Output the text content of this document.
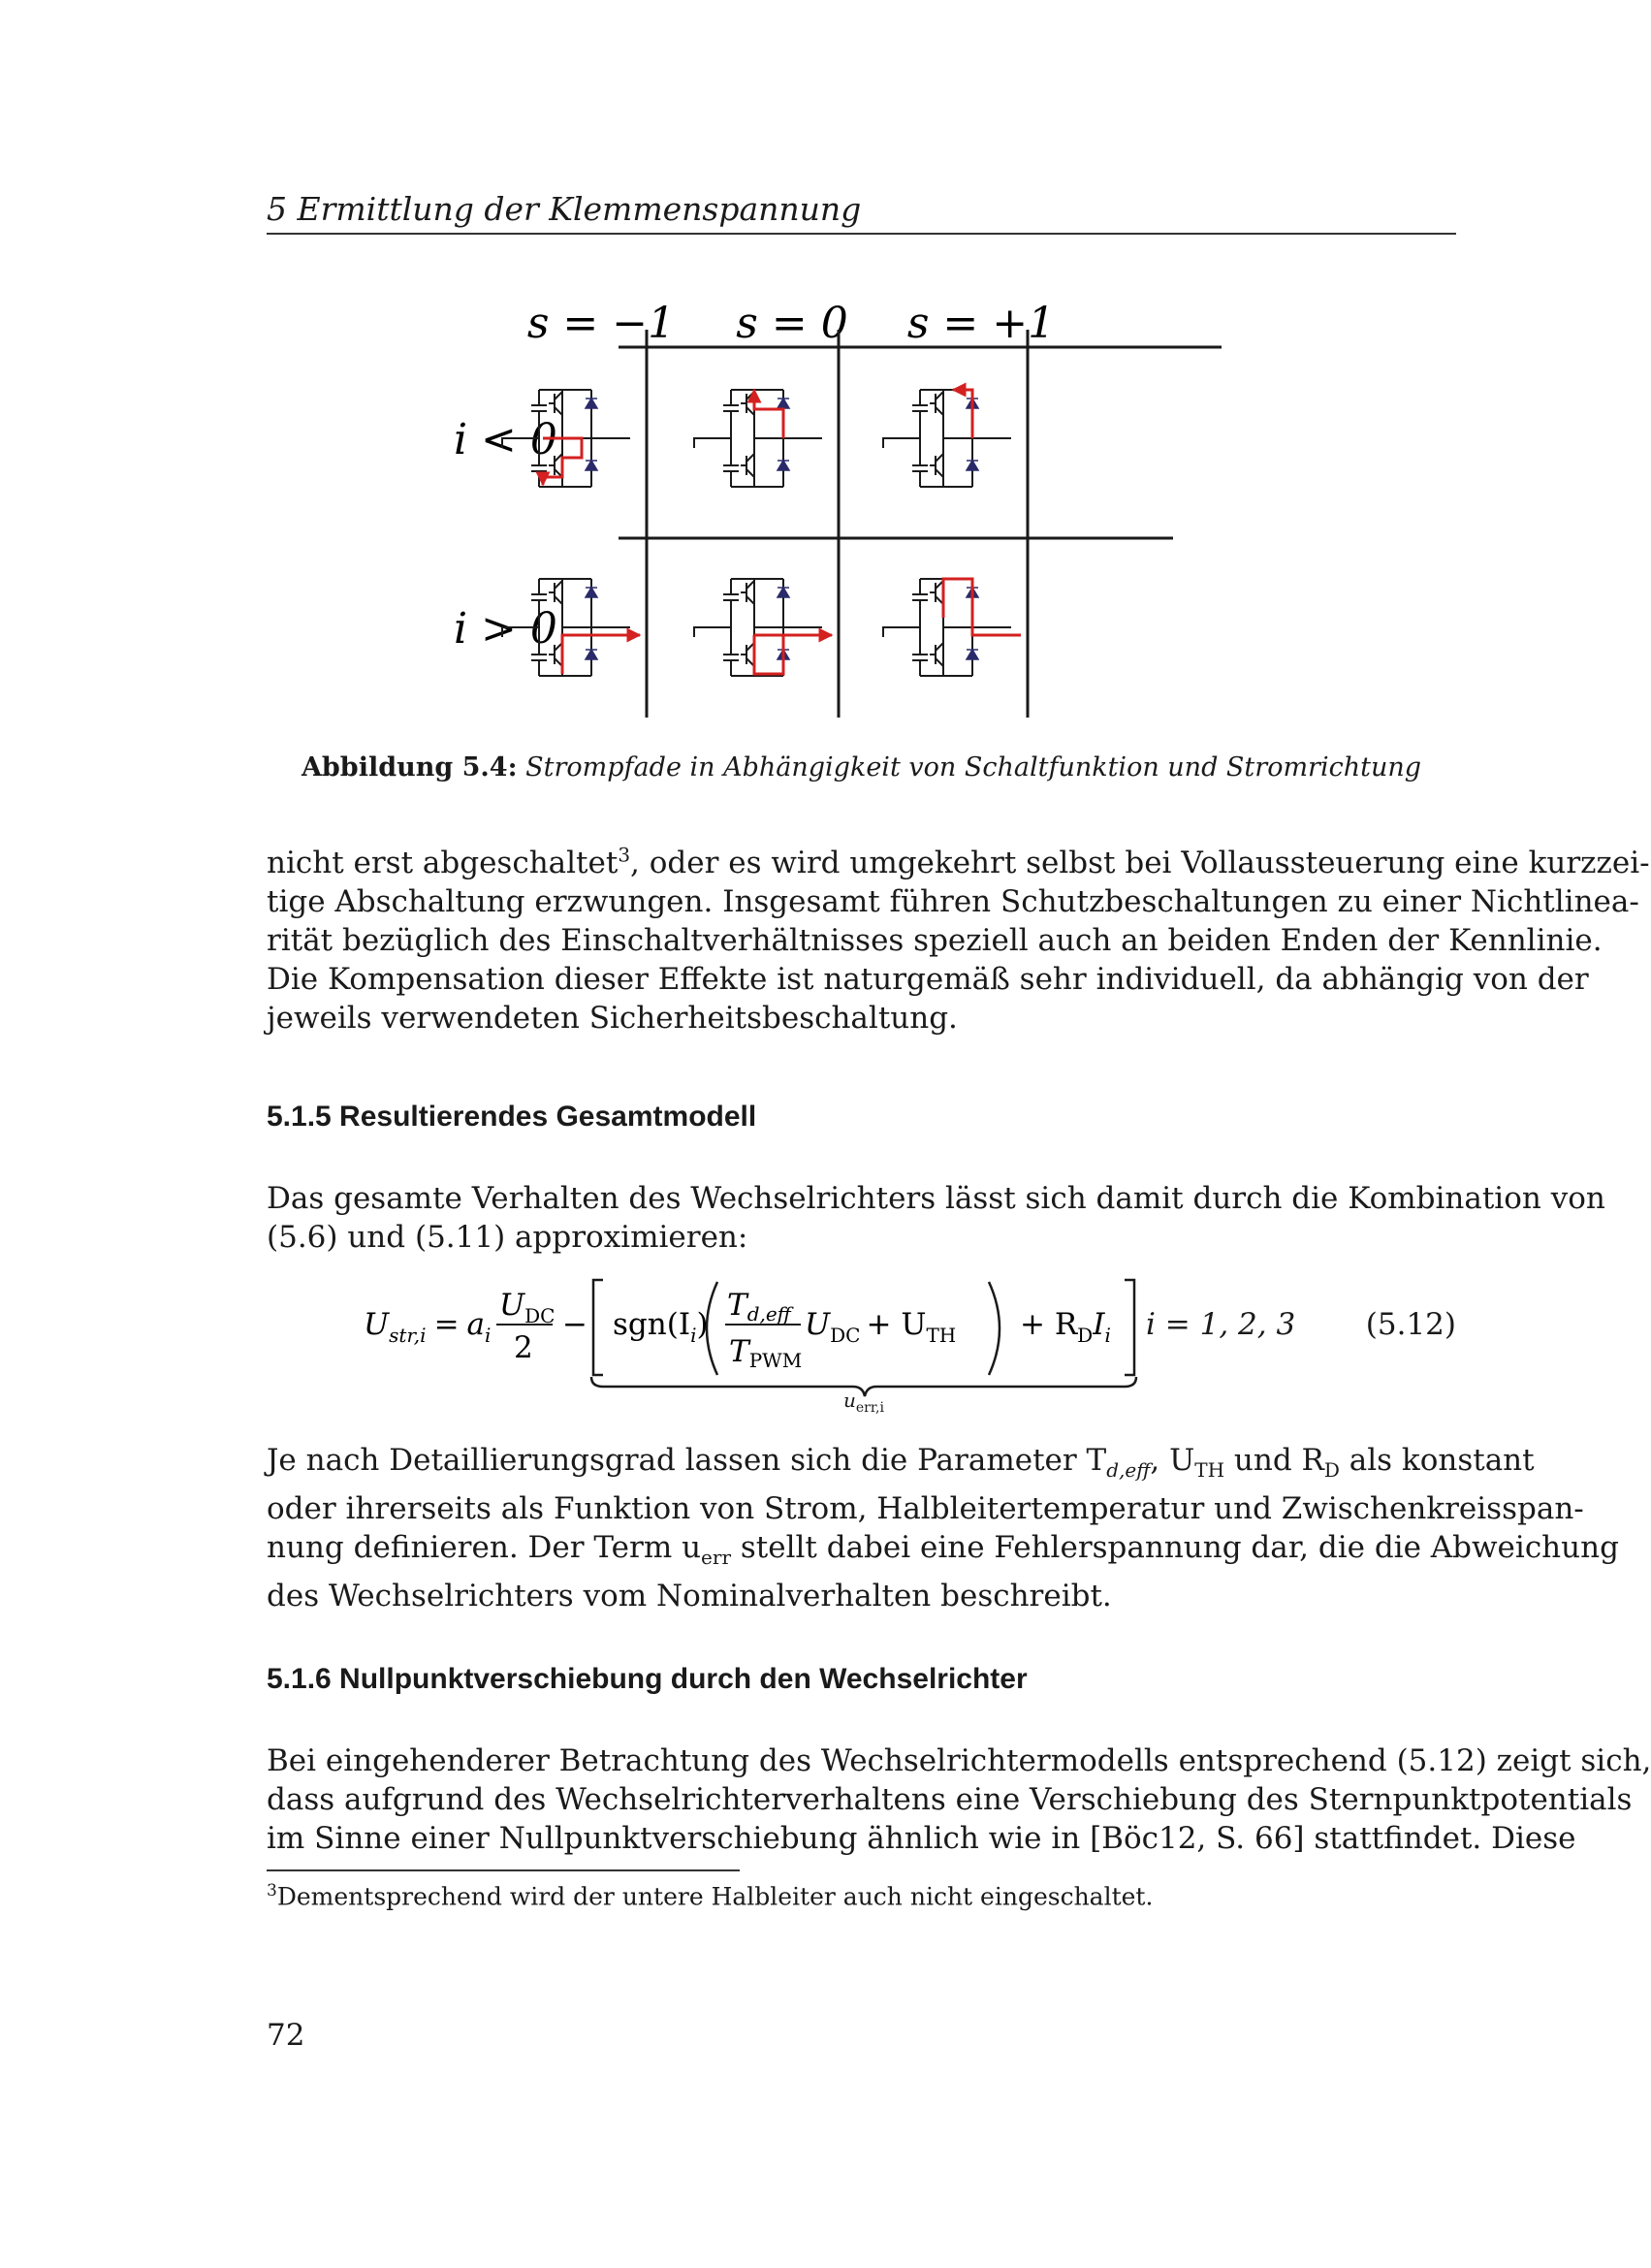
5 Ermittlung der Klemmenspannung
s = −1 s = 0 s = +1
i < 0
i > 0
Abbildung 5.4: Strompfade in Abhängigkeit von Schaltfunktion und Stromrichtung
nicht erst abgeschaltet$^3$, oder es wird umgekehrt selbst bei Vollaussteuerung eine kurzzei-
tige Abschaltung erzwungen. Insgesamt führen Schutzbeschaltungen zu einer Nichtlinea-
rität bezüglich des Einschaltverhältnisses speziell auch an beiden Enden der Kennlinie.
Die Kompensation dieser Effekte ist naturgemäß sehr individuell, da abhängig von der
jeweils verwendeten Sicherheitsbeschaltung.
5.1.5 Resultierendes Gesamtmodell
Das gesamte Verhalten des Wechselrichters lässt sich damit durch die Kombination von
(5.6) und (5.11) approximieren:
$U_{str,i} = a_i$
$U_{DC}$
2
− $sgn(I_i)$
Td,eff
TPWM
$U_{DC} + U_{TH} + R_DI_i$
$u_{err,i}$
i = 1, 2, 3 (5.12)
Je nach Detaillierungsgrad lassen sich die Parameter $T_{d,eff}$, $U_{TH}$ und $R_D$ als konstant
oder ihrerseits als Funktion von Strom, Halbleitertemperatur und Zwischenkreisspan-
nung definieren. Der Term $u_{err}$ stellt dabei eine Fehlerspannung dar, die die Abweichung
des Wechselrichters vom Nominalverhalten beschreibt.
5.1.6 Nullpunktverschiebung durch den Wechselrichter
Bei eingehenderer Betrachtung des Wechselrichtermodells entsprechend (5.12) zeigt sich,
dass aufgrund des Wechselrichterverhaltens eine Verschiebung des Sternpunktpotentials
im Sinne einer Nullpunktverschiebung ähnlich wie in [Böc12, S. 66] stattfindet. Diese
$^3$Dementsprechend wird der untere Halbleiter auch nicht eingeschaltet.
72
